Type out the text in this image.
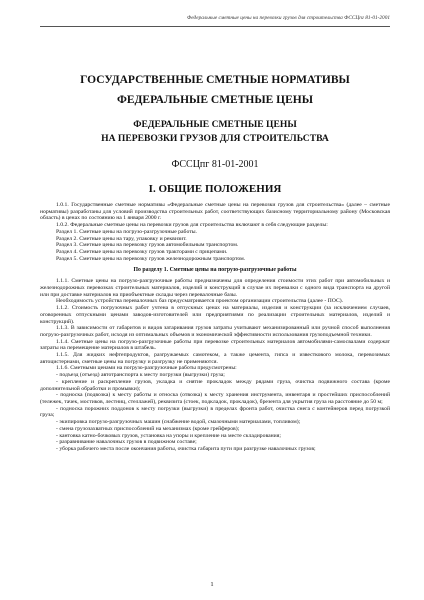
Федеральные сметные цены на перевозки грузов для строительства ФССЦпг 81-01-2001
ГОСУДАРСТВЕННЫЕ СМЕТНЫЕ НОРМАТИВЫ
ФЕДЕРАЛЬНЫЕ СМЕТНЫЕ ЦЕНЫ
ФЕДЕРАЛЬНЫЕ СМЕТНЫЕ ЦЕНЫ
НА ПЕРЕВОЗКИ ГРУЗОВ ДЛЯ СТРОИТЕЛЬСТВА
ФССЦпг 81-01-2001
I. ОБЩИЕ ПОЛОЖЕНИЯ

1.0.1. Государственные сметные нормативы «Федеральные сметные цены на перевозки грузов для строительства» (далее – сметные нормативы) разработаны для условий производства строительных работ, соответствующих базисному территориальному району (Московская область) в ценах по состоянию на 1 января 2000 г.

1.0.2. Федеральные сметные цены на перевозки грузов для строительства включают в себя следующие разделы:

Раздел 1. Сметные цены на погрузо-разгрузочные работы.

Раздел 2. Сметные цены на тару, упаковку и реквизит.

Раздел 3. Сметные цены на перевозку грузов автомобильным транспортом.

Раздел 4. Сметные цены на перевозку грузов тракторами с прицепами.

Раздел 5. Сметные цены на перевозку грузов железнодорожным транспортом.

По разделу 1. Сметные цены на погрузо-разгрузочные работы

1.1.1. Сметные цены на погрузо-разгрузочные работы предназначены для определения стоимости этих работ при автомобильных и железнодорожных перевозках строительных материалов, изделий и конструкций в случае их перевалки с одного вида транспорта на другой или при доставке материалов на приобъектные склады через перевалочные базы.

Необходимость устройства перевалочных баз предусматривается проектом организации строительства (далее - ПОС).

1.1.2. Стоимость погрузочных работ учтена в отпускных ценах на материалы, изделия и конструкции (за исключением случаев, оговоренных отпускными ценами заводов-изготовителей или предприятиями по реализации строительных материалов, изделий и конструкций).

1.1.3. В зависимости от габаритов и видов затаривания грузов затраты учитывают механизированный или ручной способ выполнения погрузо-разгрузочных работ, исходя из оптимальных объемов и экономической эффективности использования грузоподъемной техники.

1.1.4. Сметные цены на погрузо-разгрузочные работы при перевозке строительных материалов автомобилями-самосвалами содержат затраты на перемещение материалов в штабель.

1.1.5. Для жидких нефтепродуктов, разгружаемых самотеком, а также цемента, гипса и известкового молока, перевозимых автоцистернами, сметные цены на погрузку и разгрузку не применяются.

1.1.6. Сметными ценами на погрузо-разгрузочные работы предусмотрены:

- подъезд (отъезд) автотранспорта к месту погрузки (выгрузки) груза;

- крепление и раскрепление грузов, укладка и снятие прокладок между рядами груза, очистка подвижного состава (кроме дополнительной обработки и промывки);

- подноска (подвозка) к месту работы и относка (отвозка) к месту хранения инструмента, инвентаря и простейших приспособлений (тележек, тачек, мостиков, лестниц, стеллажей), реквизита (стоек, подкладок, прокладок), брезента для укрытия груза на расстояние до 50 м;

- подноска порожних поддонов к месту погрузки (выгрузки) в пределах фронта работ, очистка снега с контейнеров перед погрузкой груза;

- экипировка погрузо-разгрузочных машин (снабжение водой, смазочными материалами, топливом);

- смена грузозахватных приспособлений на механизмах (кроме грейферов);

- кантовка катно-бочковых грузов, установка на упоры и крепление на месте складирования;

- разравнивание навалочных грузов в подвижном составе;

- уборка рабочего места после окончания работы, очистка габарита пути при разгрузке навалочных грузов;

1
